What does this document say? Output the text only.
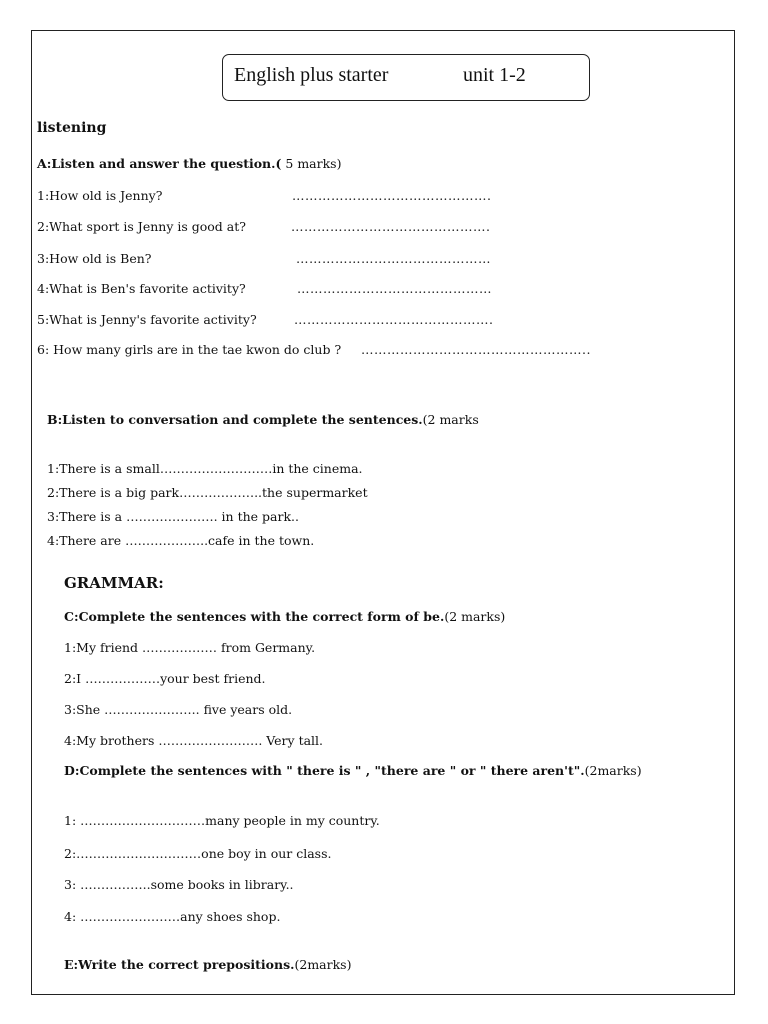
English plus starter	unit 1-2
listening
A:Listen and answer the question.( 5 marks)
1:How old is Jenny?	……………………………………….
2:What sport is Jenny is good at?	……………………………………….
3:How old is Ben?	………………………………………
4:What is Ben's favorite activity?	………………………………………
5:What is Jenny's favorite activity?	……………………………………….
6: How many girls are in the tae kwon do club ? ……………………………………………..
B:Listen to conversation and complete the sentences.(2 marks
1:There is a small………………………in the cinema.
2:There is a big park………………..the supermarket
3:There is a …………………. in the park..
4:There are ………………..cafe in the town.
GRAMMAR:
C:Complete the sentences with the correct form of be.(2 marks)
1:My friend ……………… from Germany.
2:I ………………your best friend.
3:She ………………….. five years old.
4:My brothers ……………………. Very tall.
D:Complete the sentences with " there is " , "there are " or " there aren't".(2marks)
1: …………………………many people in my country.
2:…………………………one boy in our class.
3: ……………..some books in library..
4: ……………………any shoes shop.
E:Write the correct prepositions.(2marks)
